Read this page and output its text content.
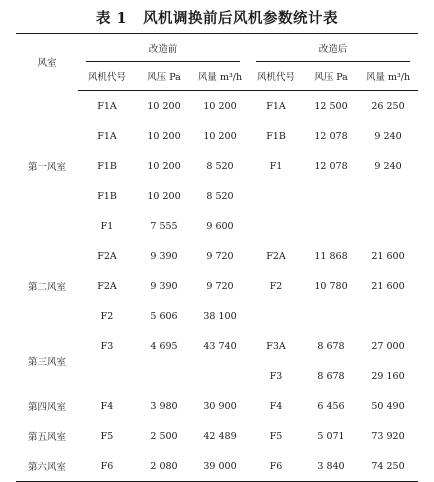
表 1 风机调换前后风机参数统计表
风室	改造前			改造后		

	风机代号	风压 Pa	风量 m³/h	风机代号	风压 Pa	风量 m³/h
第一风室	F1A	10 200	10 200	F1A	12 500	26 250
	F1A	10 200	10 200	F1B	12 078	9 240
	F1B	10 200	8 520	F1	12 078	9 240
	F1B	10 200	8 520			
	F1	7 555	9 600			
第二风室	F2A	9 390	9 720	F2A	11 868	21 600
	F2A	9 390	9 720	F2	10 780	21 600
	F2	5 606	38 100			
第三风室	F3	4 695	43 740	F3A	8 678	27 000
				F3	8 678	29 160
第四风室	F4	3 980	30 900	F4	6 456	50 490
第五风室	F5	2 500	42 489	F5	5 071	73 920
第六风室	F6	2 080	39 000	F6	3 840	74 250
